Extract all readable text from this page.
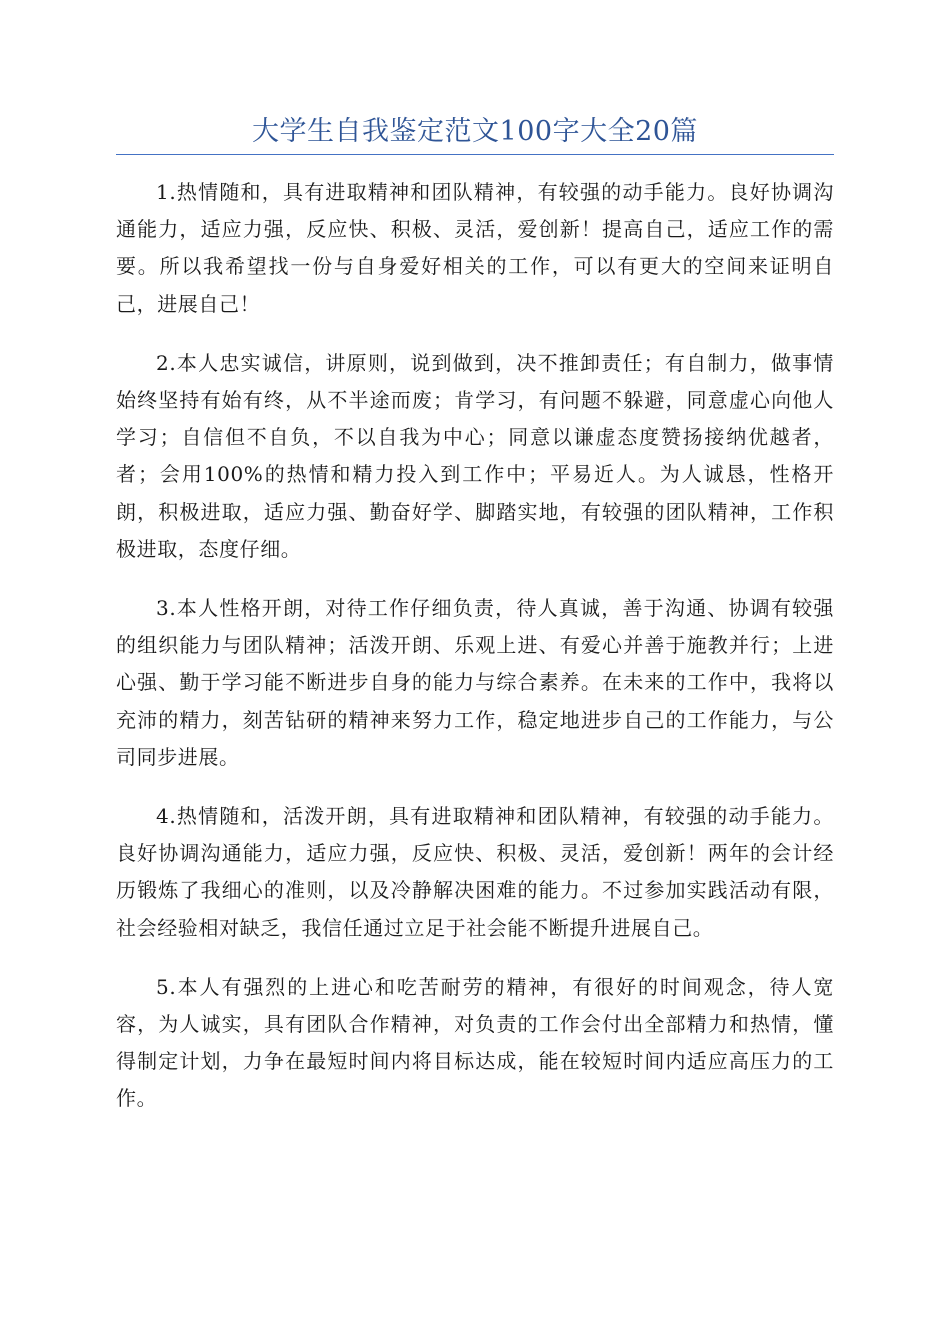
大学生自我鉴定范文100字大全20篇

1.热情随和，具有进取精神和团队精神，有较强的动手能力。良好协调沟通能力，适应力强，反应快、积极、灵活，爱创新！提高自己，适应工作的需要。所以我希望找一份与自身爱好相关的工作，可以有更大的空间来证明自己，进展自己！

2.本人忠实诚信，讲原则，说到做到，决不推卸责任；有自制力，做事情始终坚持有始有终，从不半途而废；肯学习，有问题不躲避，同意虚心向他人学习；自信但不自负，不以自我为中心；同意以谦虚态度赞扬接纳优越者，者；会用100%的热情和精力投入到工作中；平易近人。为人诚恳，性格开朗，积极进取，适应力强、勤奋好学、脚踏实地，有较强的团队精神，工作积极进取，态度仔细。

3.本人性格开朗，对待工作仔细负责，待人真诚，善于沟通、协调有较强的组织能力与团队精神；活泼开朗、乐观上进、有爱心并善于施教并行；上进心强、勤于学习能不断进步自身的能力与综合素养。在未来的工作中，我将以充沛的精力，刻苦钻研的精神来努力工作，稳定地进步自己的工作能力，与公司同步进展。

4.热情随和，活泼开朗，具有进取精神和团队精神，有较强的动手能力。良好协调沟通能力，适应力强，反应快、积极、灵活，爱创新！两年的会计经历锻炼了我细心的准则，以及冷静解决困难的能力。不过参加实践活动有限，社会经验相对缺乏，我信任通过立足于社会能不断提升进展自己。

5.本人有强烈的上进心和吃苦耐劳的精神，有很好的时间观念，待人宽容，为人诚实，具有团队合作精神，对负责的工作会付出全部精力和热情，懂得制定计划，力争在最短时间内将目标达成，能在较短时间内适应高压力的工作。
